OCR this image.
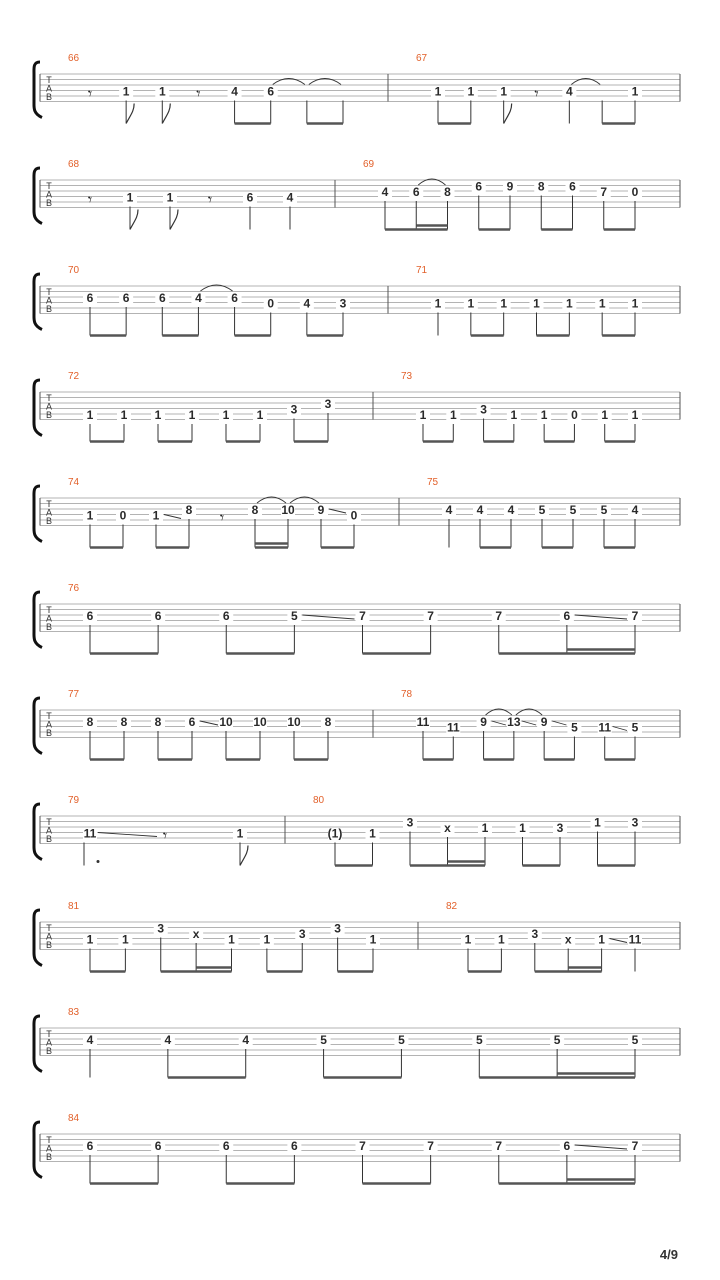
T
A
B
66
𝄾	1 1 𝄾	4 6
67
1 1 1 𝄾 4	1
T
A
B
68
𝄾	1	1 𝄾	6	4
69
4 6 8 6 9 8 6 7 0
T
A
B
70
6 6 6 4 6 0 4 3
71
1 1 1 1 1 1 1
T
A
B
72
1 1 1 1 1 1 3 3
73
1 1 3 1 1 0 1 1
T
A
B
74
1 0 1 8 𝄾 8 10 9 0
75
4 4 4 5 5 5 4
T
A
B
76
6	6	6	5	7	7	7	6	7
T
A
B
77
8 8 8 6 10 10 10 8
78
11 11 9 13 9 5 11 5
T
A
B
79
11	𝄾	1
80
(1) 1
3	x	1	1	3	1	3
T
A
B
81
1 1
3 x 1 1 3 3
1
82
1 1 3 x 1 11
T
A
B
83
4	4	4	5	5	5	5	5
T
A
B
84
6	6	6	6	7	7	7	6	7
4/9
